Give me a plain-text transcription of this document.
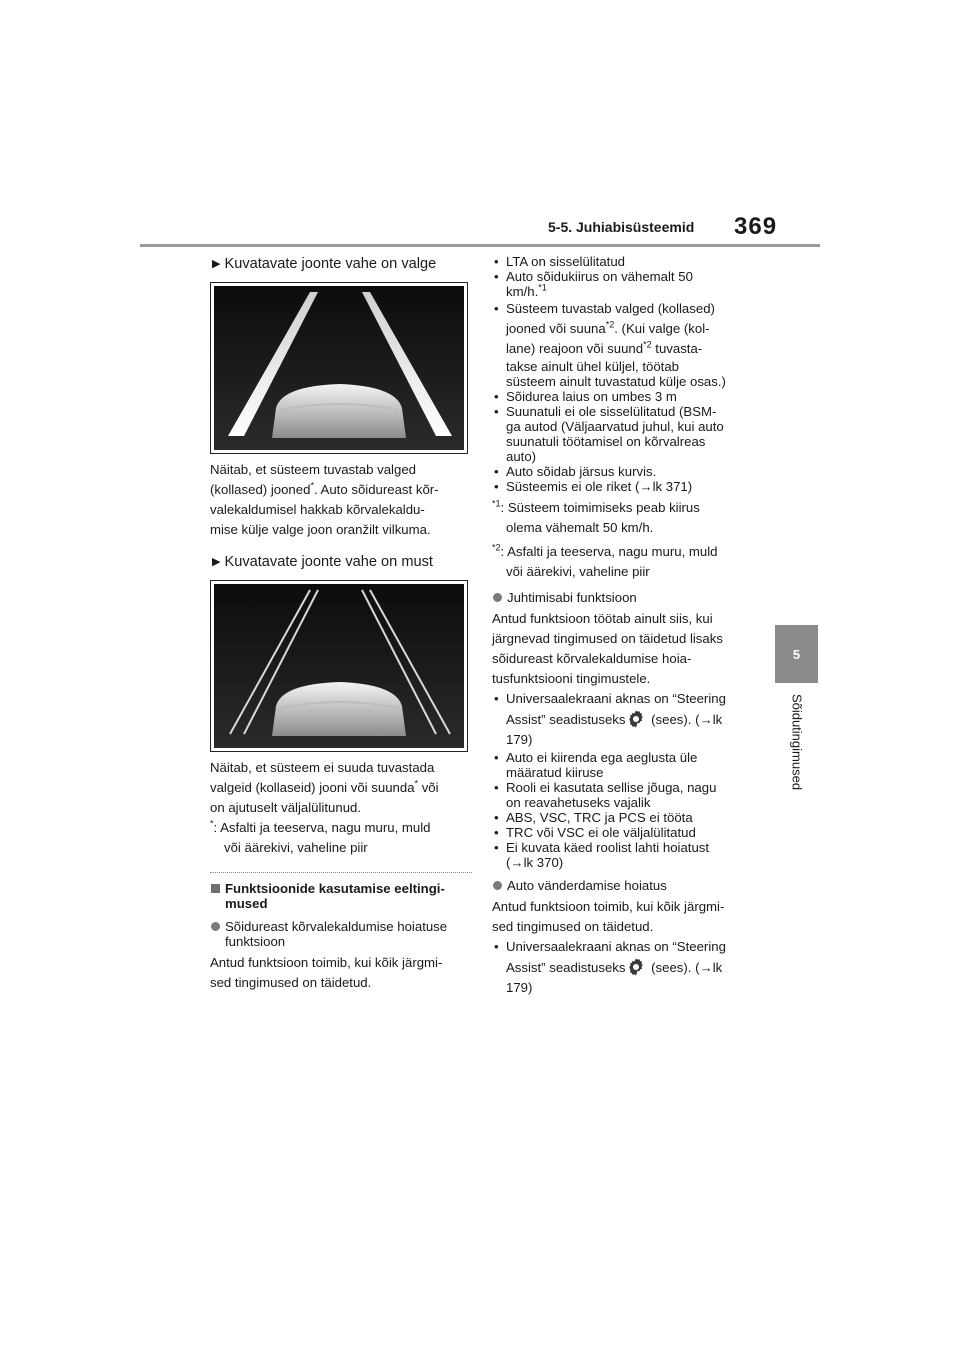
5-5. Juhiabisüsteemid 369
5
Sõidutingimused
▶ Kuvatavate joonte vahe on valge

Näitab, et süsteem tuvastab valged

(kollased) jooned*. Auto sõidureast kõr-

valekaldumisel hakkab kõrvalekaldu-

mise külje valge joon oranžilt vilkuma.

▶ Kuvatavate joonte vahe on must

Näitab, et süsteem ei suuda tuvastada

valgeid (kollaseid) jooni või suunda* või

on ajutuselt väljalülitunud.

*: Asfalti ja teeserva, nagu muru, muld

või äärekivi, vaheline piir

Funktsioonide kasutamise eeltingi-
mused
Sõidureast kõrvalekaldumise hoiatuse
funktsioon

Antud funktsioon toimib, kui kõik järgmi-

sed tingimused on täidetud.

• LTA on sisselülitatud
• Auto sõidukiirus on vähemalt 50
km/h.$^{*1}$
• Süsteem tuvastab valged (kollased)
jooned või suuna$^{*2}$. (Kui valge (kol-
lane) reajoon või suund$^{*2}$ tuvasta-
takse ainult ühel küljel, töötab
süsteem ainult tuvastatud külje osas.)
• Sõidurea laius on umbes 3 m
• Suunatuli ei ole sisselülitatud (BSM-
ga autod (Väljaarvatud juhul, kui auto
suunatuli töötamisel on kõrvalreas
auto)
• Auto sõidab järsus kurvis.
• Süsteemis ei ole riket (→lk 371)

$^{*1}$: Süsteem toimimiseks peab kiirus

olema vähemalt 50 km/h.

$^{*2}$: Asfalti ja teeserva, nagu muru, muld

või äärekivi, vaheline piir

Juhtimisabi funktsioon

Antud funktsioon töötab ainult siis, kui

järgnevad tingimused on täidetud lisaks

sõidureast kõrvalekaldumise hoia-

tusfunktsiooni tingimustele.

• Universaalekraani aknas on “Steering
Assist” seadistuseks (sees). (→lk
179)
• Auto ei kiirenda ega aeglusta üle
määratud kiiruse
• Rooli ei kasutata sellise jõuga, nagu
on reavahetuseks vajalik
• ABS, VSC, TRC ja PCS ei tööta
• TRC või VSC ei ole väljalülitatud
• Ei kuvata käed roolist lahti hoiatust
(→lk 370)
Auto vänderdamise hoiatus

Antud funktsioon toimib, kui kõik järgmi-

sed tingimused on täidetud.

• Universaalekraani aknas on “Steering
Assist” seadistuseks (sees). (→lk
179)
